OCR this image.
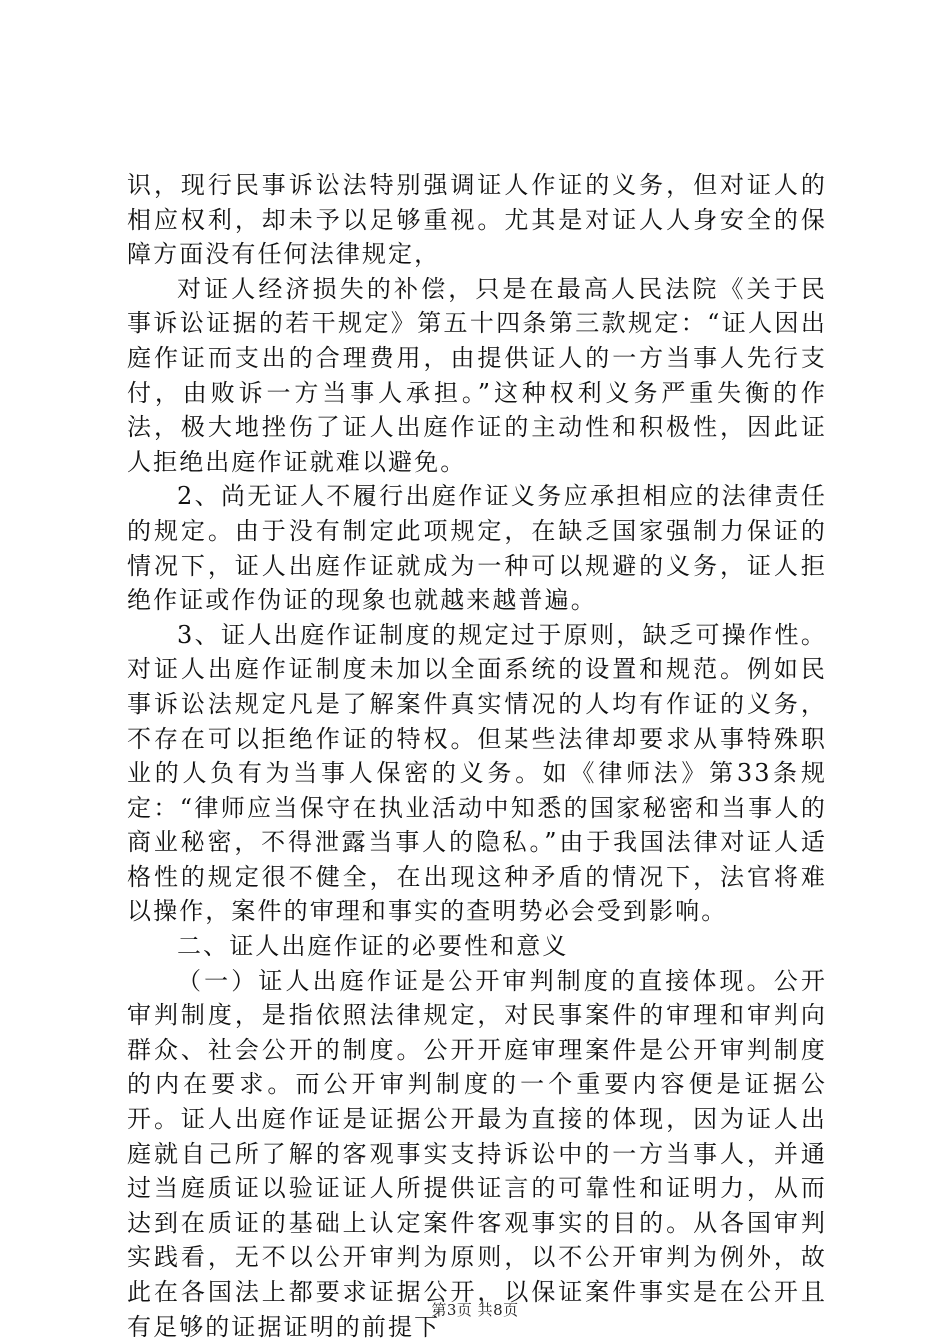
识，现行民事诉讼法特别强调证人作证的义务，但对证人的相应权利，却未予以足够重视。尤其是对证人人身安全的保障方面没有任何法律规定，

对证人经济损失的补偿，只是在最高人民法院《关于民事诉讼证据的若干规定》第五十四条第三款规定：“证人因出庭作证而支出的合理费用，由提供证人的一方当事人先行支付，由败诉一方当事人承担。”这种权利义务严重失衡的作法，极大地挫伤了证人出庭作证的主动性和积极性，因此证人拒绝出庭作证就难以避免。

2、尚无证人不履行出庭作证义务应承担相应的法律责任的规定。由于没有制定此项规定，在缺乏国家强制力保证的情况下，证人出庭作证就成为一种可以规避的义务，证人拒绝作证或作伪证的现象也就越来越普遍。

3、证人出庭作证制度的规定过于原则，缺乏可操作性。对证人出庭作证制度未加以全面系统的设置和规范。例如民事诉讼法规定凡是了解案件真实情况的人均有作证的义务，不存在可以拒绝作证的特权。但某些法律却要求从事特殊职业的人负有为当事人保密的义务。如《律师法》第33条规定：“律师应当保守在执业活动中知悉的国家秘密和当事人的商业秘密，不得泄露当事人的隐私。”由于我国法律对证人适格性的规定很不健全，在出现这种矛盾的情况下，法官将难以操作，案件的审理和事实的查明势必会受到影响。

二、证人出庭作证的必要性和意义

（一）证人出庭作证是公开审判制度的直接体现。公开审判制度，是指依照法律规定，对民事案件的审理和审判向群众、社会公开的制度。公开开庭审理案件是公开审判制度的内在要求。而公开审判制度的一个重要内容便是证据公开。证人出庭作证是证据公开最为直接的体现，因为证人出庭就自己所了解的客观事实支持诉讼中的一方当事人，并通过当庭质证以验证证人所提供证言的可靠性和证明力，从而达到在质证的基础上认定案件客观事实的目的。从各国审判实践看，无不以公开审判为原则，以不公开审判为例外，故此在各国法上都要求证据公开，以保证案件事实是在公开且有足够的证据证明的前提下

第3页 共8页
